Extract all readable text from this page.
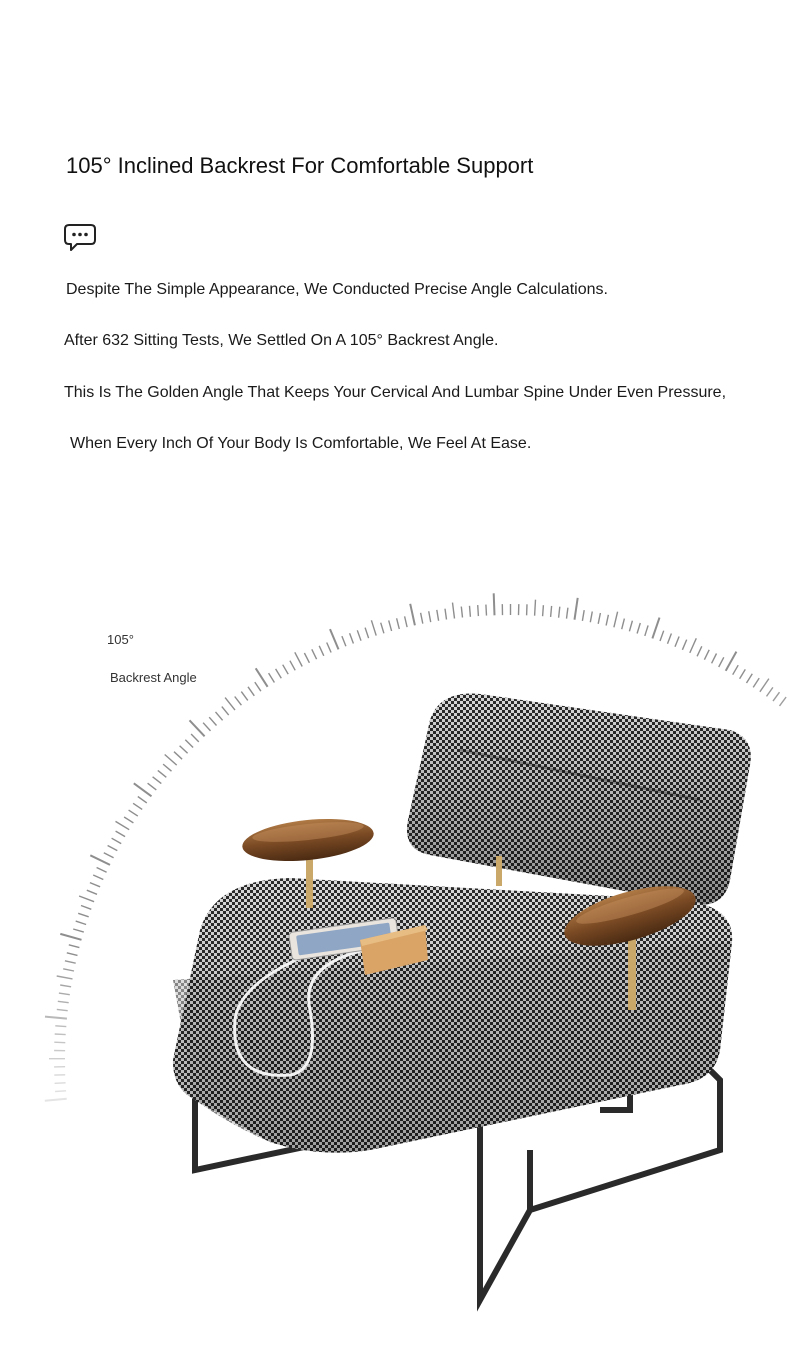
105° Inclined Backrest For Comfortable Support

Despite The Simple Appearance, We Conducted Precise Angle Calculations.

After 632 Sitting Tests, We Settled On A 105° Backrest Angle.

This Is The Golden Angle That Keeps Your Cervical And Lumbar Spine Under Even Pressure,

When Every Inch Of Your Body Is Comfortable, We Feel At Ease.

105°
Backrest Angle
